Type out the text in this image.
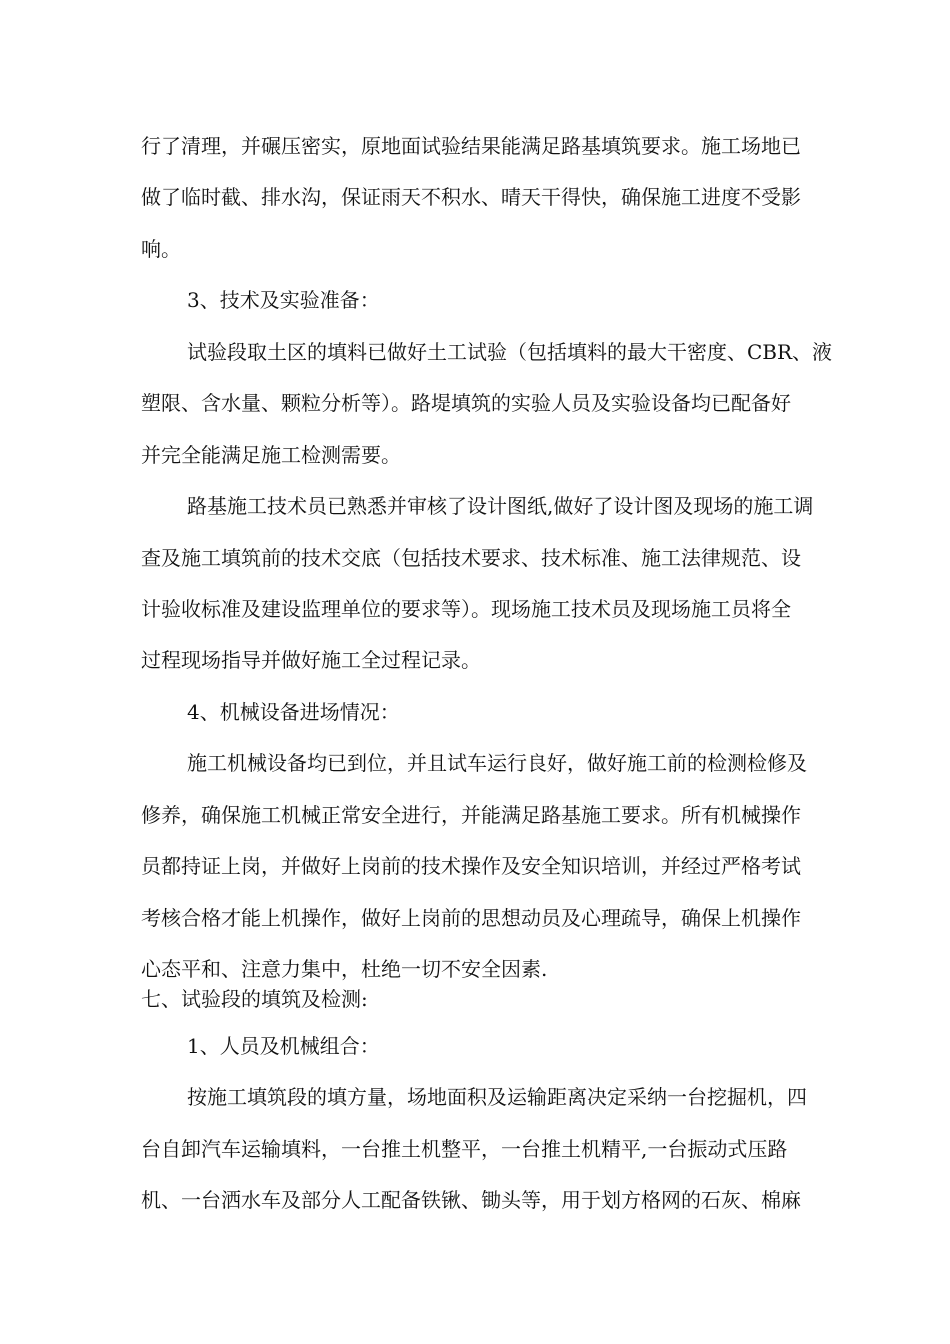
行了清理，并碾压密实，原地面试验结果能满足路基填筑要求。施工场地已
做了临时截、排水沟，保证雨天不积水、晴天干得快，确保施工进度不受影
响。
3、技术及实验准备：
试验段取土区的填料已做好土工试验（包括填料的最大干密度、CBR、液
塑限、含水量、颗粒分析等）。路堤填筑的实验人员及实验设备均已配备好
并完全能满足施工检测需要。
路基施工技术员已熟悉并审核了设计图纸,做好了设计图及现场的施工调
查及施工填筑前的技术交底（包括技术要求、技术标准、施工法律规范、设
计验收标准及建设监理单位的要求等）。现场施工技术员及现场施工员将全
过程现场指导并做好施工全过程记录。
4、机械设备进场情况：
施工机械设备均已到位，并且试车运行良好，做好施工前的检测检修及
修养，确保施工机械正常安全进行，并能满足路基施工要求。所有机械操作
员都持证上岗，并做好上岗前的技术操作及安全知识培训，并经过严格考试
考核合格才能上机操作，做好上岗前的思想动员及心理疏导，确保上机操作
心态平和、注意力集中，杜绝一切不安全因素.
七、试验段的填筑及检测:
1、人员及机械组合：
按施工填筑段的填方量，场地面积及运输距离决定采纳一台挖掘机，四
台自卸汽车运输填料，一台推土机整平，一台推土机精平,一台振动式压路
机、一台洒水车及部分人工配备铁锹、锄头等，用于划方格网的石灰、棉麻
